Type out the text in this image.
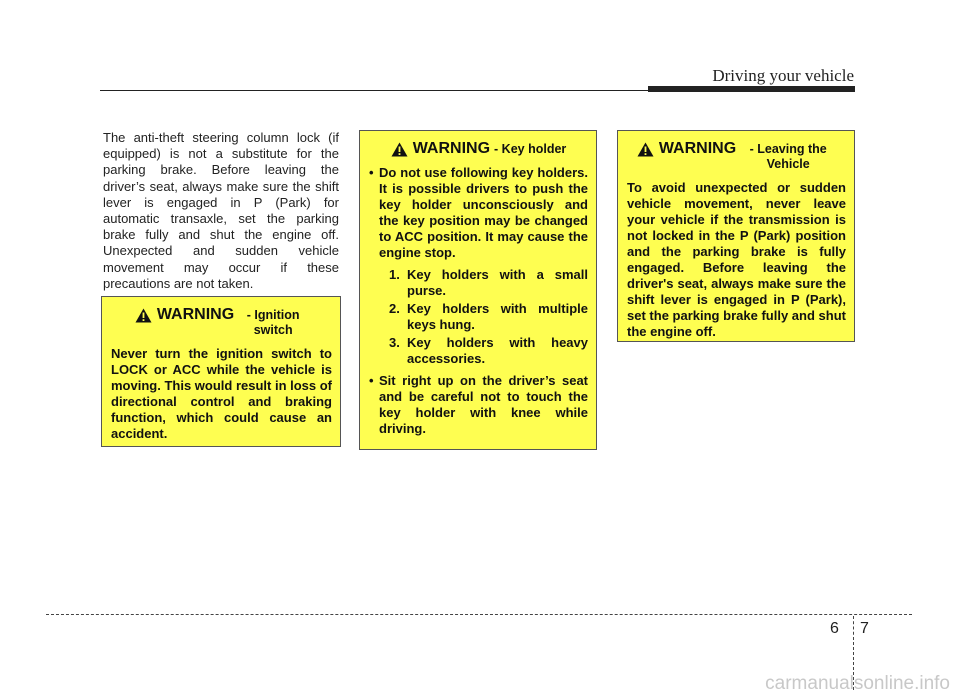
Driving your vehicle
The anti-theft steering column lock (if equipped) is not a substitute for the parking brake. Before leaving the driver’s seat, always make sure the shift lever is engaged in P (Park) for automatic transaxle, set the parking brake fully and shut the engine off. Unexpected and sudden vehicle movement may occur if these precautions are not taken.
WARNING	- Ignition switch
Never turn the ignition switch to LOCK or ACC while the vehicle is moving. This would result in loss of directional control and braking function, which could cause an accident.
WARNING - Key holder
• Do not use following key holders. It is possible drivers to push the key holder unconsciously and the key position may be changed to ACC position. It may cause the engine stop.
1. Key holders with a small purse.
2. Key holders with multiple keys hung.
3. Key holders with heavy accessories.
• Sit right up on the driver’s seat and be careful not to touch the key holder with knee while driving.
WARNING	- Leaving the Vehicle
To avoid unexpected or sudden vehicle movement, never leave your vehicle if the transmission is not locked in the P (Park) position and the parking brake is fully engaged. Before leaving the driver's seat, always make sure the shift lever is engaged in P (Park), set the parking brake fully and shut the engine off.
6 7
carmanualsonline.info
